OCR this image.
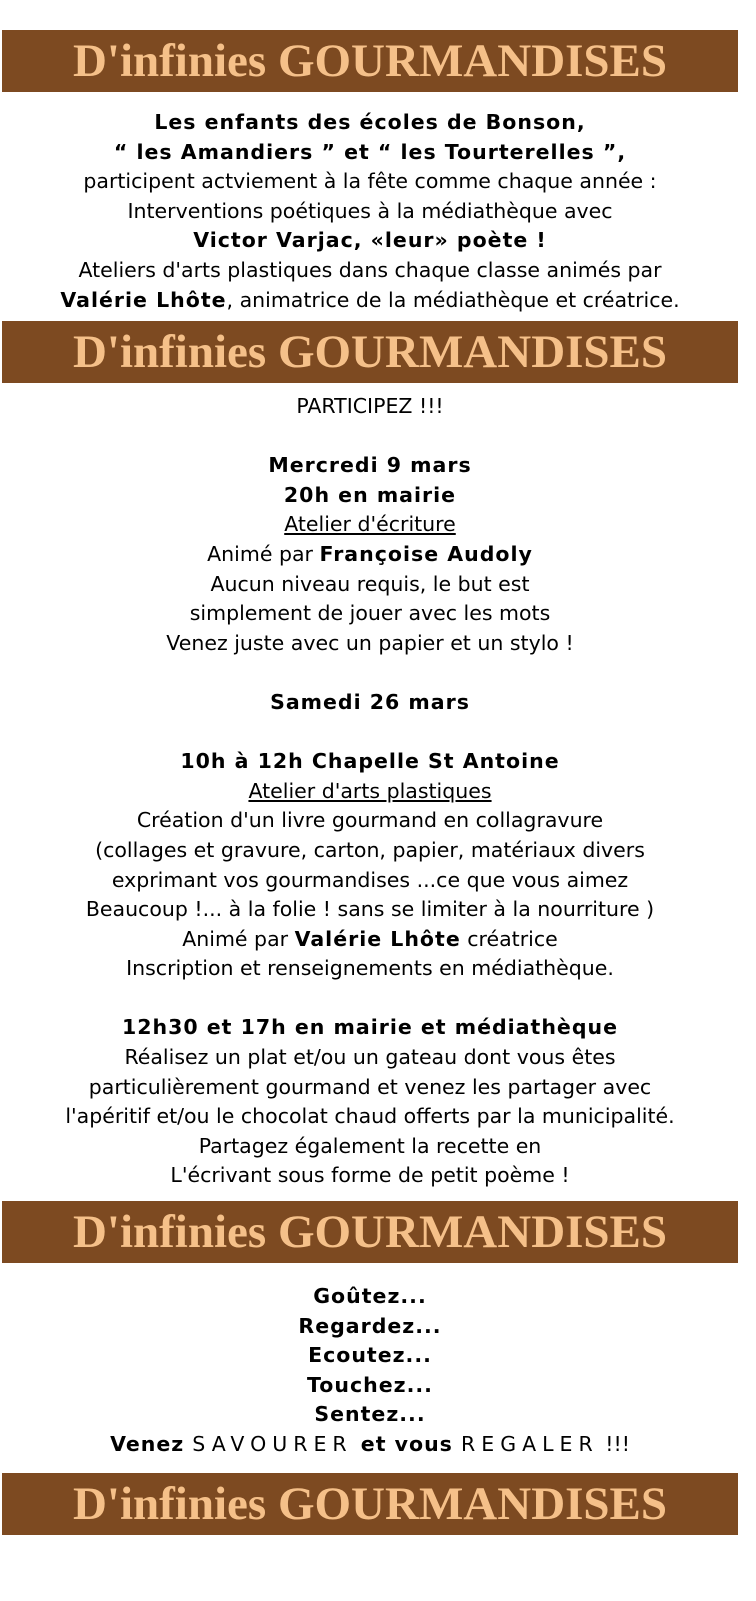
D'infinies GOURMANDISES
Les enfants des écoles de Bonson,
“ les Amandiers ” et “ les Tourterelles ”,
participent actviement à la fête comme chaque année :
Interventions poétiques à la médiathèque avec
Victor Varjac, «leur» poète !
Ateliers d'arts plastiques dans chaque classe animés par
Valérie Lhôte, animatrice de la médiathèque et créatrice.
D'infinies GOURMANDISES
PARTICIPEZ !!!
Mercredi 9 mars
20h en mairie
Atelier d'écriture
Animé par Françoise Audoly
Aucun niveau requis, le but est
simplement de jouer avec les mots
Venez juste avec un papier et un stylo !
Samedi 26 mars
10h à 12h Chapelle St Antoine
Atelier d'arts plastiques
Création d'un livre gourmand en collagravure
(collages et gravure, carton, papier, matériaux divers
exprimant vos gourmandises ...ce que vous aimez
Beaucoup !... à la folie ! sans se limiter à la nourriture )
Animé par Valérie Lhôte créatrice
Inscription et renseignements en médiathèque.
12h30 et 17h en mairie et médiathèque
Réalisez un plat et/ou un gateau dont vous êtes
particulièrement gourmand et venez les partager avec
l'apéritif et/ou le chocolat chaud offerts par la municipalité.
Partagez également la recette en
L'écrivant sous forme de petit poème !
D'infinies GOURMANDISES
Goûtez...
Regardez...
Ecoutez...
Touchez...
Sentez...
Venez SAVOURER et vous REGALER !!!
D'infinies GOURMANDISES
